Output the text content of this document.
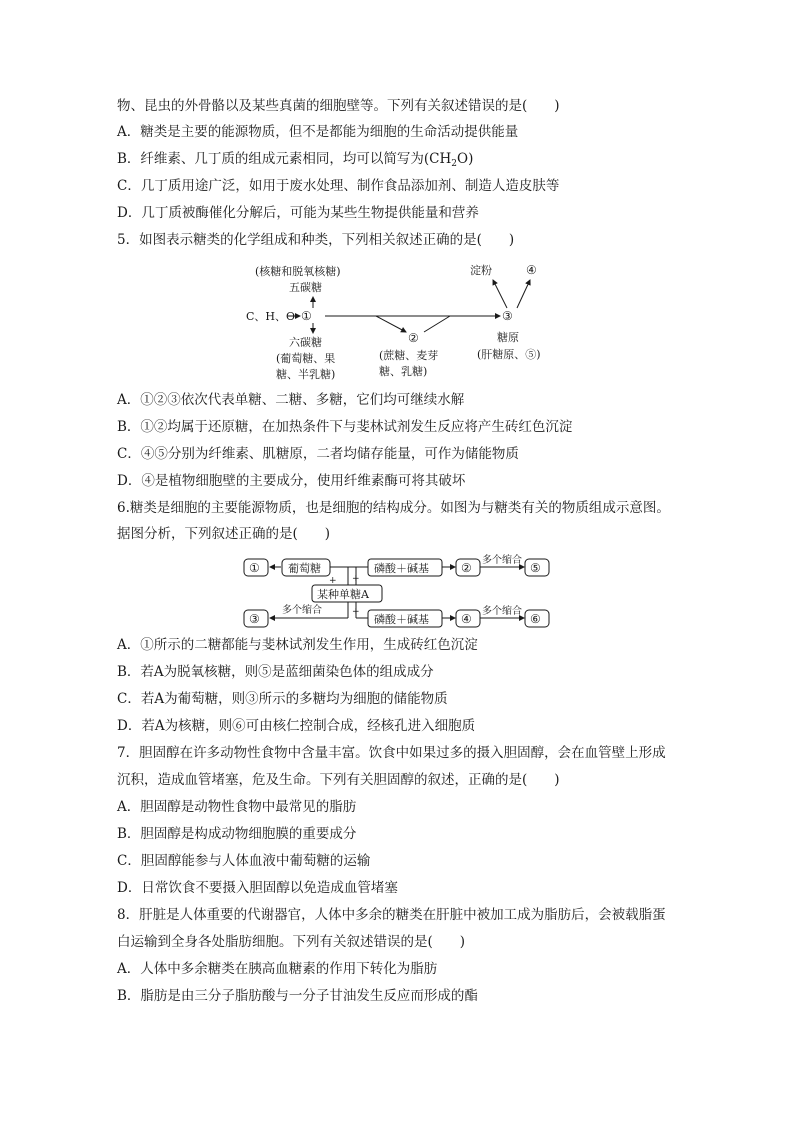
物、昆虫的外骨骼以及某些真菌的细胞壁等。下列有关叙述错误的是(　　)
A．糖类是主要的能源物质，但不是都能为细胞的生命活动提供能量
B．纤维素、几丁质的组成元素相同，均可以简写为$(CH_2O)$
C．几丁质用途广泛，如用于废水处理、制作食品添加剂、制造人造皮肤等
D．几丁质被酶催化分解后，可能为某些生物提供能量和营养
5．如图表示糖类的化学组成和种类，下列相关叙述正确的是(　　)
(核糖和脱氧核糖)
五碳糖
C、H、O ①
六碳糖
(葡萄糖、果
糖、半乳糖)
②
(蔗糖、麦芽
糖、乳糖)
③
淀粉	④
糖原
(肝糖原、⑤)
A．①②③依次代表单糖、二糖、多糖，它们均可继续水解
B．①②均属于还原糖，在加热条件下与斐林试剂发生反应将产生砖红色沉淀
C．④⑤分别为纤维素、肌糖原，二者均储存能量，可作为储能物质
D．④是植物细胞壁的主要成分，使用纤维素酶可将其破坏
6.糖类是细胞的主要能源物质，也是细胞的结构成分。如图为与糖类有关的物质组成示意图。
据图分析，下列叙述正确的是(　　)
①	葡萄糖
+ +
磷酸＋碱基	②
多个缩合
⑤
某种单糖A
+
多个缩合
③	磷酸＋碱基	④
多个缩合
⑥
A．①所示的二糖都能与斐林试剂发生作用，生成砖红色沉淀
B．若A为脱氧核糖，则⑤是蓝细菌染色体的组成成分
C．若A为葡萄糖，则③所示的多糖均为细胞的储能物质
D．若A为核糖，则⑥可由核仁控制合成，经核孔进入细胞质
7．胆固醇在许多动物性食物中含量丰富。饮食中如果过多的摄入胆固醇，会在血管壁上形成
沉积，造成血管堵塞，危及生命。下列有关胆固醇的叙述，正确的是(　　)
A．胆固醇是动物性食物中最常见的脂肪
B．胆固醇是构成动物细胞膜的重要成分
C．胆固醇能参与人体血液中葡萄糖的运输
D．日常饮食不要摄入胆固醇以免造成血管堵塞
8．肝脏是人体重要的代谢器官，人体中多余的糖类在肝脏中被加工成为脂肪后，会被载脂蛋
白运输到全身各处脂肪细胞。下列有关叙述错误的是(　　)
A．人体中多余糖类在胰高血糖素的作用下转化为脂肪
B．脂肪是由三分子脂肪酸与一分子甘油发生反应而形成的酯
